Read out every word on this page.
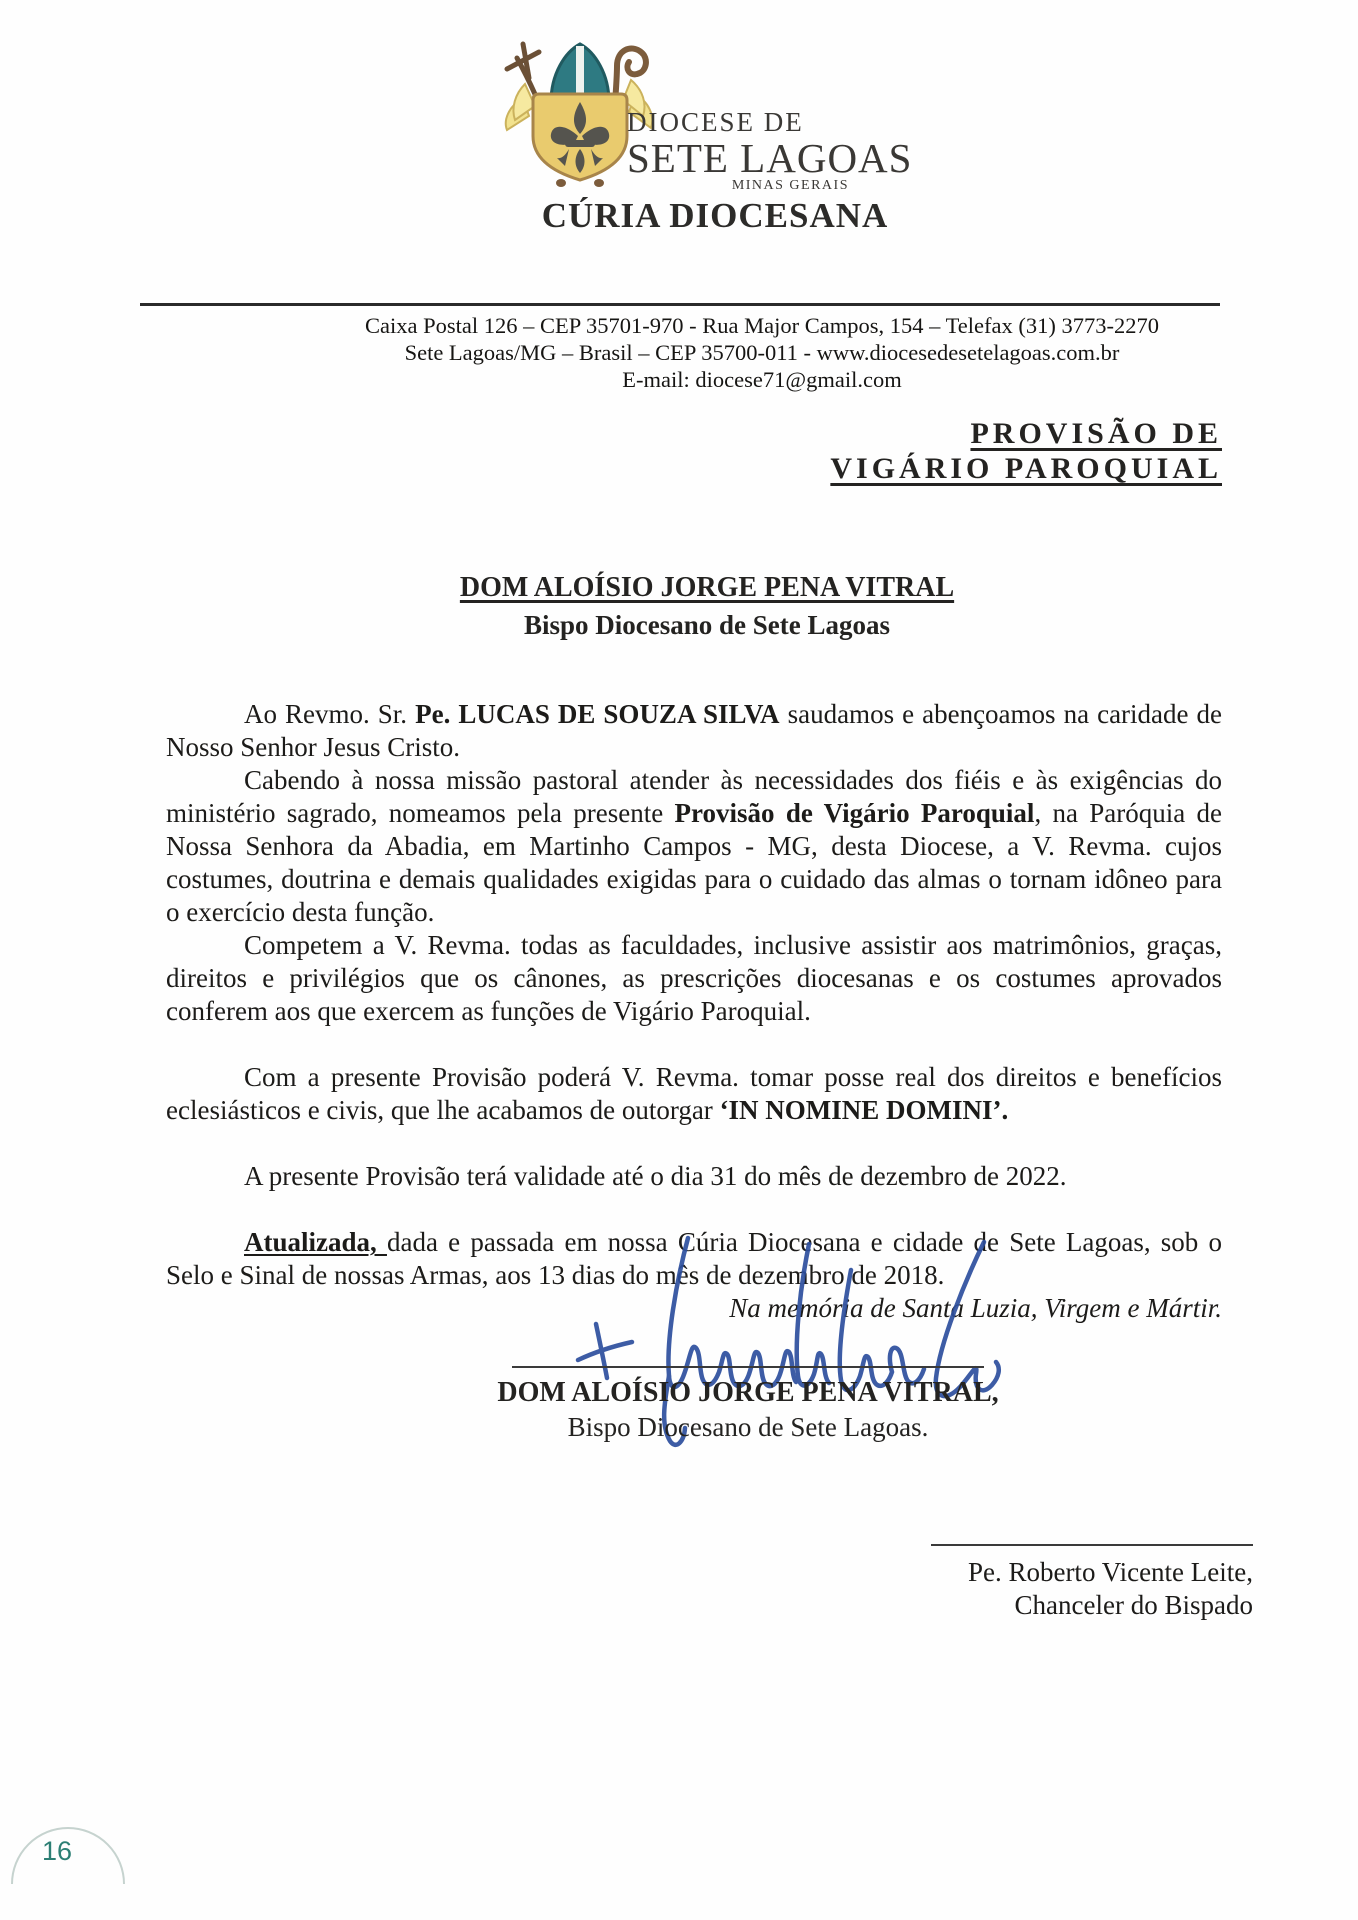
DIOCESE DE
SETE LAGOAS
MINAS GERAIS
CÚRIA DIOCESANA
Caixa Postal 126 – CEP 35701-970 - Rua Major Campos, 154 – Telefax (31) 3773-2270
Sete Lagoas/MG – Brasil – CEP 35700-011 - www.diocesedesetelagoas.com.br
E-mail: diocese71@gmail.com
PROVISÃO DE
VIGÁRIO PAROQUIAL
DOM ALOÍSIO JORGE PENA VITRAL
Bispo Diocesano de Sete Lagoas

Ao Revmo. Sr. Pe. LUCAS DE SOUZA SILVA saudamos e abençoamos na caridade de Nosso Senhor Jesus Cristo.

Cabendo à nossa missão pastoral atender às necessidades dos fiéis e às exigências do ministério sagrado, nomeamos pela presente Provisão de Vigário Paroquial, na Paróquia de Nossa Senhora da Abadia, em Martinho Campos - MG, desta Diocese, a V. Revma. cujos costumes, doutrina e demais qualidades exigidas para o cuidado das almas o tornam idôneo para o exercício desta função.

Competem a V. Revma. todas as faculdades, inclusive assistir aos matrimônios, graças, direitos e privilégios que os cânones, as prescrições diocesanas e os costumes aprovados conferem aos que exercem as funções de Vigário Paroquial.

Com a presente Provisão poderá V. Revma. tomar posse real dos direitos e benefícios eclesiásticos e civis, que lhe acabamos de outorgar ‘IN NOMINE DOMINI’.

A presente Provisão terá validade até o dia 31 do mês de dezembro de 2022.

Atualizada, dada e passada em nossa Cúria Diocesana e cidade de Sete Lagoas, sob o Selo e Sinal de nossas Armas, aos 13 dias do mês de dezembro de 2018.

Na memória de Santa Luzia, Virgem e Mártir.

DOM ALOÍSIO JORGE PENA VITRAL,
Bispo Diocesano de Sete Lagoas.
Pe. Roberto Vicente Leite,
Chanceler do Bispado
16
